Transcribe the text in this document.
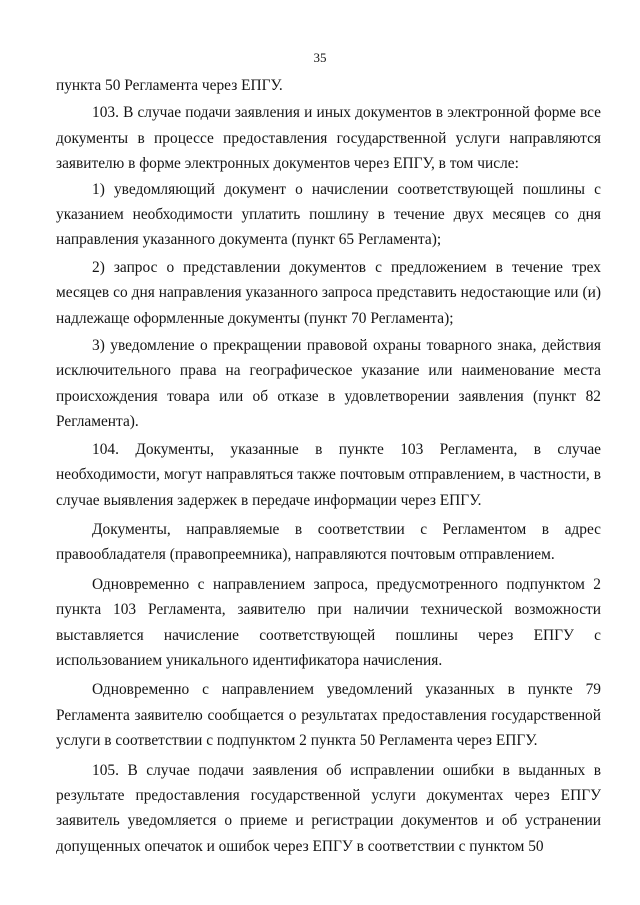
35

пункта 50 Регламента через ЕПГУ.

103. В случае подачи заявления и иных документов в электронной форме все документы в процессе предоставления государственной услуги направляются заявителю в форме электронных документов через ЕПГУ, в том числе:

1) уведомляющий документ о начислении соответствующей пошлины с указанием необходимости уплатить пошлину в течение двух месяцев со дня направления указанного документа (пункт 65 Регламента);

2) запрос о представлении документов с предложением в течение трех месяцев со дня направления указанного запроса представить недостающие или (и) надлежаще оформленные документы (пункт 70 Регламента);

3) уведомление о прекращении правовой охраны товарного знака, действия исключительного права на географическое указание или наименование места происхождения товара или об отказе в удовлетворении заявления (пункт 82 Регламента).

104. Документы, указанные в пункте 103 Регламента, в случае необходимости, могут направляться также почтовым отправлением, в частности, в случае выявления задержек в передаче информации через ЕПГУ.

Документы, направляемые в соответствии с Регламентом в адрес правообладателя (правопреемника), направляются почтовым отправлением.

Одновременно с направлением запроса, предусмотренного подпунктом 2 пункта 103 Регламента, заявителю при наличии технической возможности выставляется начисление соответствующей пошлины через ЕПГУ с использованием уникального идентификатора начисления.

Одновременно с направлением уведомлений указанных в пункте 79 Регламента заявителю сообщается о результатах предоставления государственной услуги в соответствии с подпунктом 2 пункта 50 Регламента через ЕПГУ.

105. В случае подачи заявления об исправлении ошибки в выданных в результате предоставления государственной услуги документах через ЕПГУ заявитель уведомляется о приеме и регистрации документов и об устранении допущенных опечаток и ошибок через ЕПГУ в соответствии с пунктом 50
